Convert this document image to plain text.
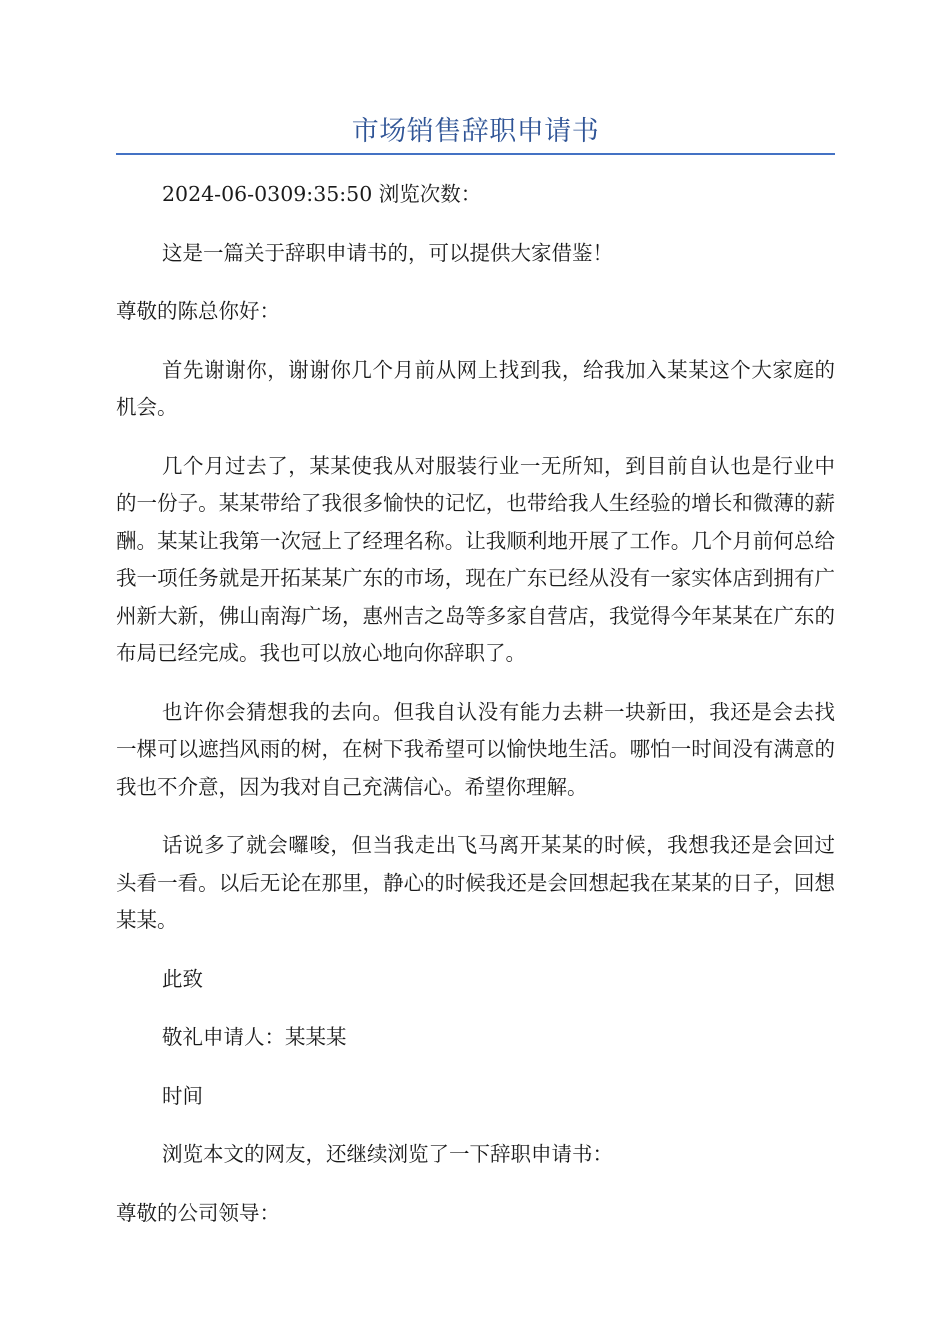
市场销售辞职申请书

2024-06-0309:35:50 浏览次数：

这是一篇关于辞职申请书的，可以提供大家借鉴！

尊敬的陈总你好：

首先谢谢你，谢谢你几个月前从网上找到我，给我加入某某这个大家庭的机会。

几个月过去了，某某使我从对服装行业一无所知，到目前自认也是行业中的一份子。某某带给了我很多愉快的记忆，也带给我人生经验的增长和微薄的薪酬。某某让我第一次冠上了经理名称。让我顺利地开展了工作。几个月前何总给我一项任务就是开拓某某广东的市场，现在广东已经从没有一家实体店到拥有广州新大新，佛山南海广场，惠州吉之岛等多家自营店，我觉得今年某某在广东的布局已经完成。我也可以放心地向你辞职了。

也许你会猜想我的去向。但我自认没有能力去耕一块新田，我还是会去找一棵可以遮挡风雨的树，在树下我希望可以愉快地生活。哪怕一时间没有满意的我也不介意，因为我对自己充满信心。希望你理解。

话说多了就会囉唆，但当我走出飞马离开某某的时候，我想我还是会回过头看一看。以后无论在那里，静心的时候我还是会回想起我在某某的日子，回想某某。

此致

敬礼申请人：某某某

时间

浏览本文的网友，还继续浏览了一下辞职申请书：

尊敬的公司领导：
